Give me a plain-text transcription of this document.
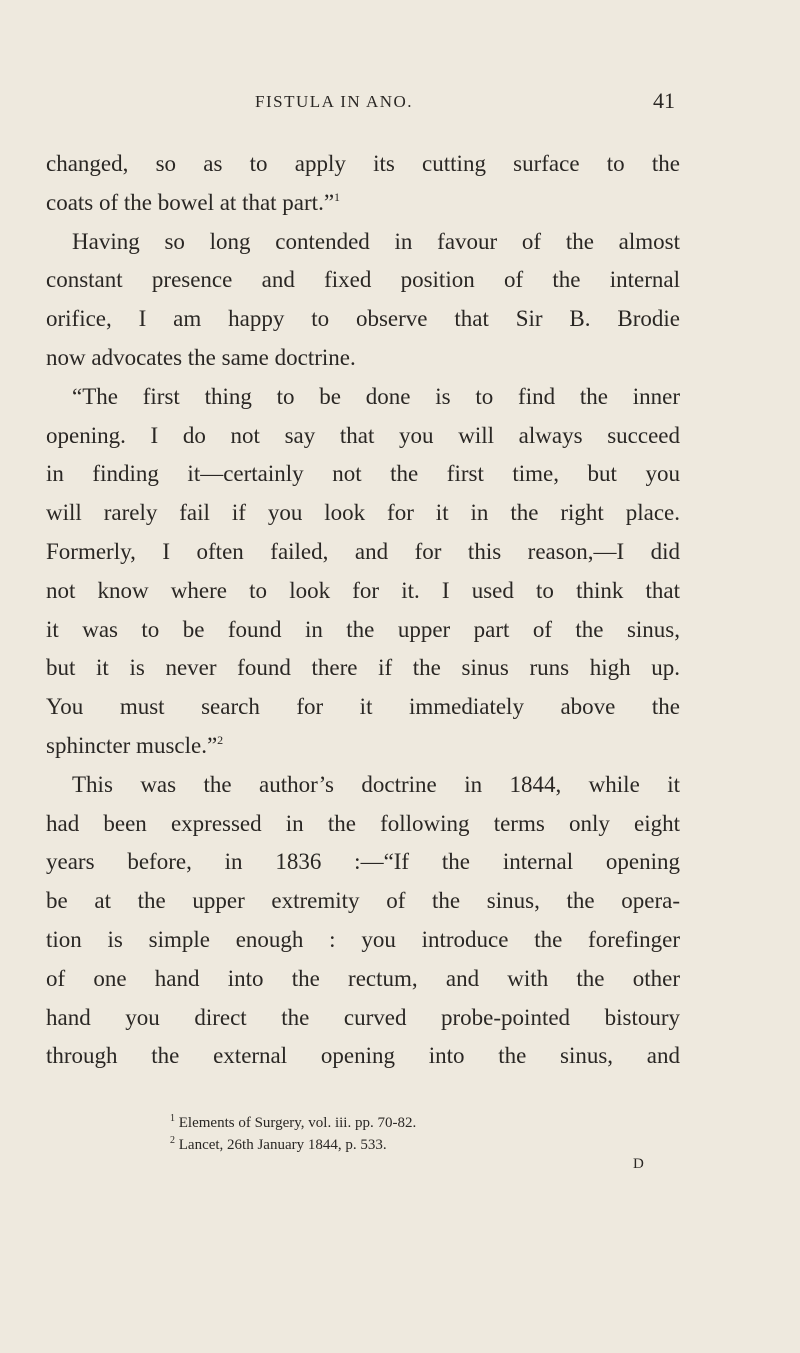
FISTULA IN ANO.	41
changed, so as to apply its cutting surface to the
coats of the bowel at that part.”$^1$
Having so long contended in favour of the almost
constant presence and fixed position of the internal
orifice, I am happy to observe that Sir B. Brodie
now advocates the same doctrine.
“The first thing to be done is to find the inner
opening. I do not say that you will always succeed
in finding it—certainly not the first time, but you
will rarely fail if you look for it in the right place.
Formerly, I often failed, and for this reason,—I did
not know where to look for it. I used to think that
it was to be found in the upper part of the sinus,
but it is never found there if the sinus runs high up.
You must search for it immediately above the
sphincter muscle.”$^2$
This was the author’s doctrine in 1844, while it
had been expressed in the following terms only eight
years before, in 1836 :—“If the internal opening
be at the upper extremity of the sinus, the opera-
tion is simple enough : you introduce the forefinger
of one hand into the rectum, and with the other
hand you direct the curved probe-pointed bistoury
through the external opening into the sinus, and
$^1$ Elements of Surgery, vol. iii. pp. 70-82.
$^2$ Lancet, 26th January 1844, p. 533.
D
